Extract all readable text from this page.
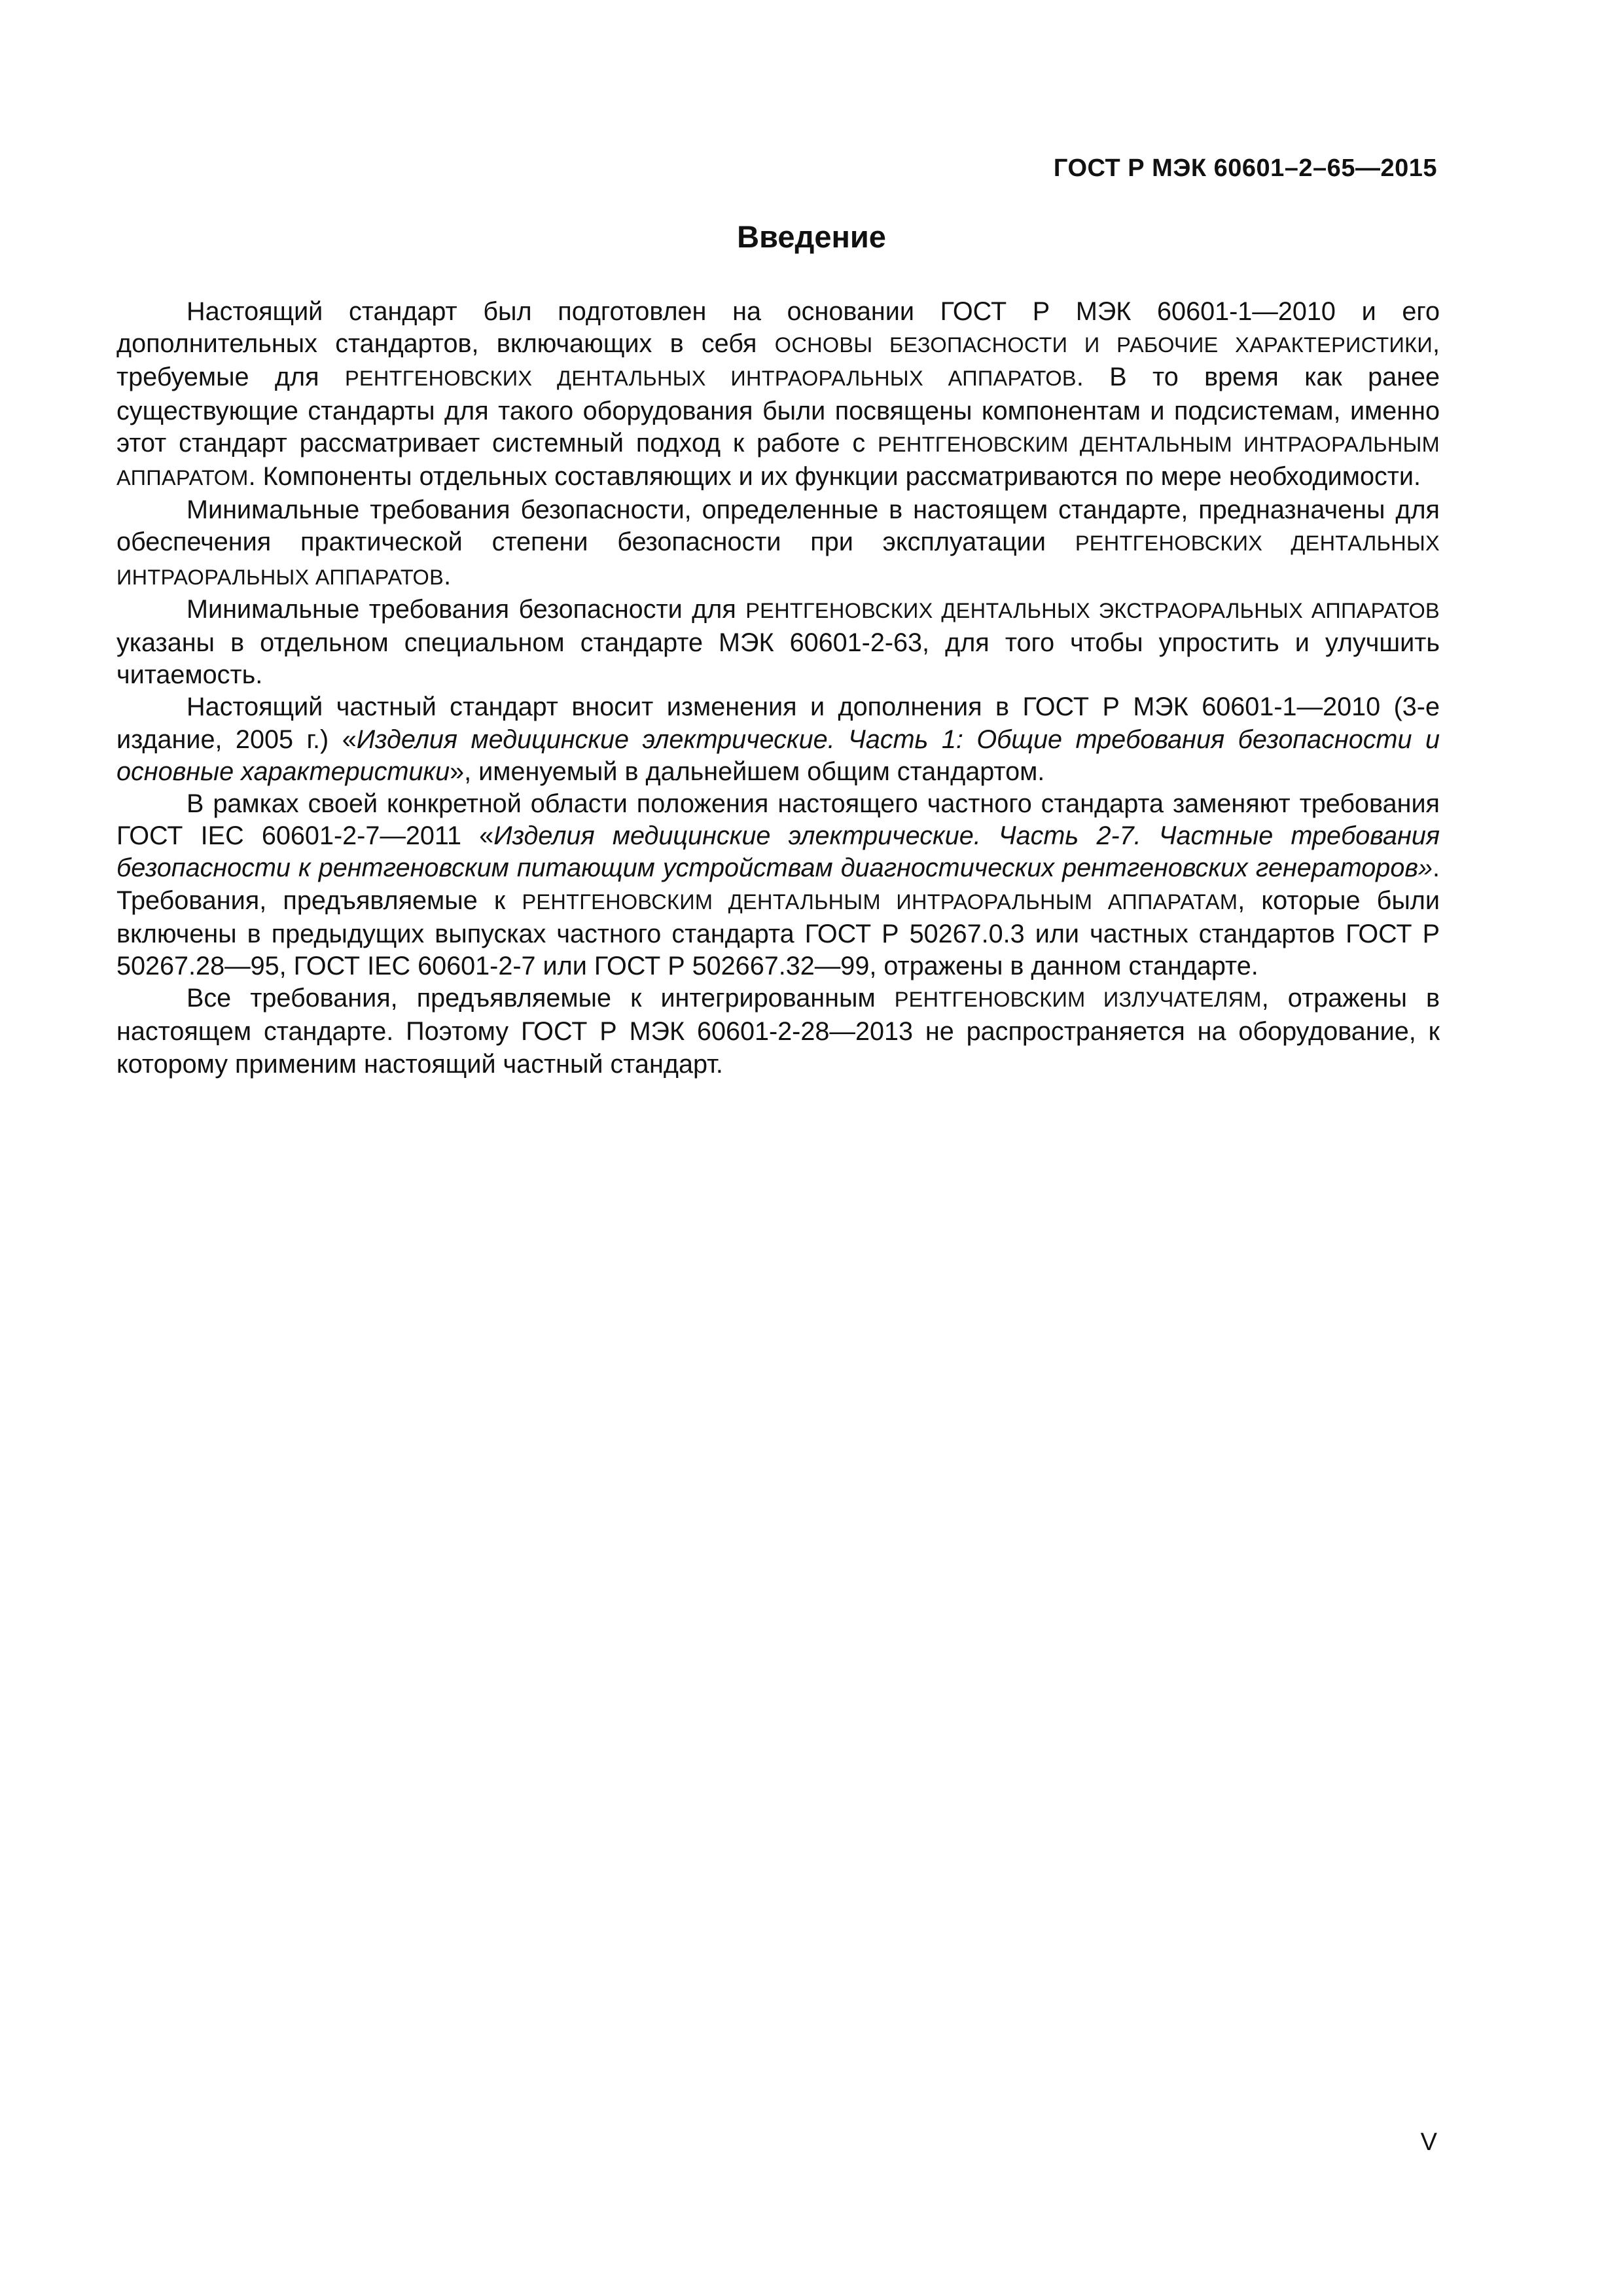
ГОСТ Р МЭК 60601–2–65—2015
Введение

Настоящий стандарт был подготовлен на основании ГОСТ Р МЭК 60601-1—2010 и его дополнительных стандартов, включающих в себя ОСНОВЫ БЕЗОПАСНОСТИ И РАБОЧИЕ ХАРАКТЕРИСТИКИ, требуемые для РЕНТГЕНОВСКИХ ДЕНТАЛЬНЫХ ИНТРАОРАЛЬНЫХ АППАРАТОВ. В то время как ранее существующие стандарты для такого оборудования были посвящены компонентам и подсистемам, именно этот стандарт рассматривает системный подход к работе с РЕНТГЕНОВСКИМ ДЕНТАЛЬНЫМ ИНТРАОРАЛЬНЫМ АППАРАТОМ. Компоненты отдельных составляющих и их функции рассматриваются по мере необходимости.

Минимальные требования безопасности, определенные в настоящем стандарте, предназначены для обеспечения практической степени безопасности при эксплуатации РЕНТГЕНОВСКИХ ДЕНТАЛЬНЫХ ИНТРАОРАЛЬНЫХ АППАРАТОВ.

Минимальные требования безопасности для РЕНТГЕНОВСКИХ ДЕНТАЛЬНЫХ ЭКСТРАОРАЛЬНЫХ АППАРАТОВ указаны в отдельном специальном стандарте МЭК 60601-2-63, для того чтобы упростить и улучшить читаемость.

Настоящий частный стандарт вносит изменения и дополнения в ГОСТ Р МЭК 60601-1—2010 (3-е издание, 2005 г.) «Изделия медицинские электрические. Часть 1: Общие требования безопасности и основные характеристики», именуемый в дальнейшем общим стандартом.

В рамках своей конкретной области положения настоящего частного стандарта заменяют требования ГОСТ IEC 60601-2-7—2011 «Изделия медицинские электрические. Часть 2-7. Частные требования безопасности к рентгеновским питающим устройствам диагностических рентгеновских генераторов». Требования, предъявляемые к РЕНТГЕНОВСКИМ ДЕНТАЛЬНЫМ ИНТРАОРАЛЬНЫМ АППАРАТАМ, которые были включены в предыдущих выпусках частного стандарта ГОСТ Р 50267.0.3 или частных стандартов ГОСТ Р 50267.28—95, ГОСТ IEC 60601-2-7 или ГОСТ Р 502667.32—99, отражены в данном стандарте.

Все требования, предъявляемые к интегрированным РЕНТГЕНОВСКИМ ИЗЛУЧАТЕЛЯМ, отражены в настоящем стандарте. Поэтому ГОСТ Р МЭК 60601-2-28—2013 не распространяется на оборудование, к которому применим настоящий частный стандарт.

V
